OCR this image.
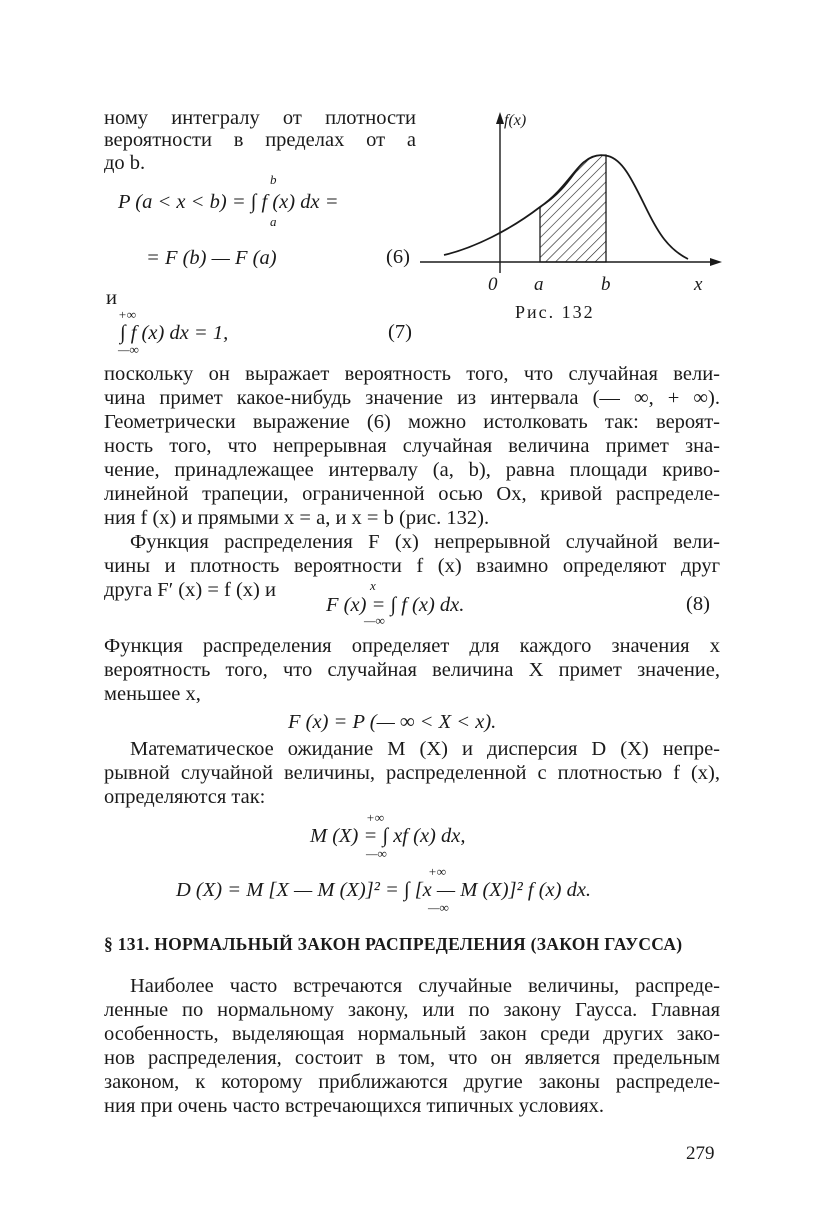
ному интегралу от плотности
вероятности в пределах от a
до b.
P (a < x < b) = ∫ f (x) dx =
b
a
= F (b) — F (a)	(6)
и
+∞
∫ f (x) dx = 1,
—∞
(7)
f(x)
0 a	b	x
Рис. 132
поскольку он выражает вероятность того, что случайная вели-
чина примет какое-нибудь значение из интервала (— ∞, + ∞).
Геометрически выражение (6) можно истолковать так: вероят-
ность того, что непрерывная случайная величина примет зна-
чение, принадлежащее интервалу (a, b), равна площади криво-
линейной трапеции, ограниченной осью Ox, кривой распределе-
ния f (x) и прямыми x = a, и x = b (рис. 132).
Функция распределения F (x) непрерывной случайной вели-
чины и плотность вероятности f (x) взаимно определяют друг
друга F′ (x) = f (x) и	x
F (x) = ∫ f (x) dx.
—∞
(8)
Функция распределения определяет для каждого значения x
вероятность того, что случайная величина X примет значение,
меньшее x,
F (x) = P (— ∞ < X < x).
Математическое ожидание M (X) и дисперсия D (X) непре-
рывной случайной величины, распределенной с плотностью f (x),
определяются так:
+∞
M (X) = ∫ xf (x) dx,
—∞
+∞
D (X) = M [X — M (X)]² = ∫ [x — M (X)]² f (x) dx.
—∞
§ 131. НОРМАЛЬНЫЙ ЗАКОН РАСПРЕДЕЛЕНИЯ (ЗАКОН ГАУССА)
Наиболее часто встречаются случайные величины, распреде-
ленные по нормальному закону, или по закону Гаусса. Главная
особенность, выделяющая нормальный закон среди других зако-
нов распределения, состоит в том, что он является предельным
законом, к которому приближаются другие законы распределе-
ния при очень часто встречающихся типичных условиях.
279
